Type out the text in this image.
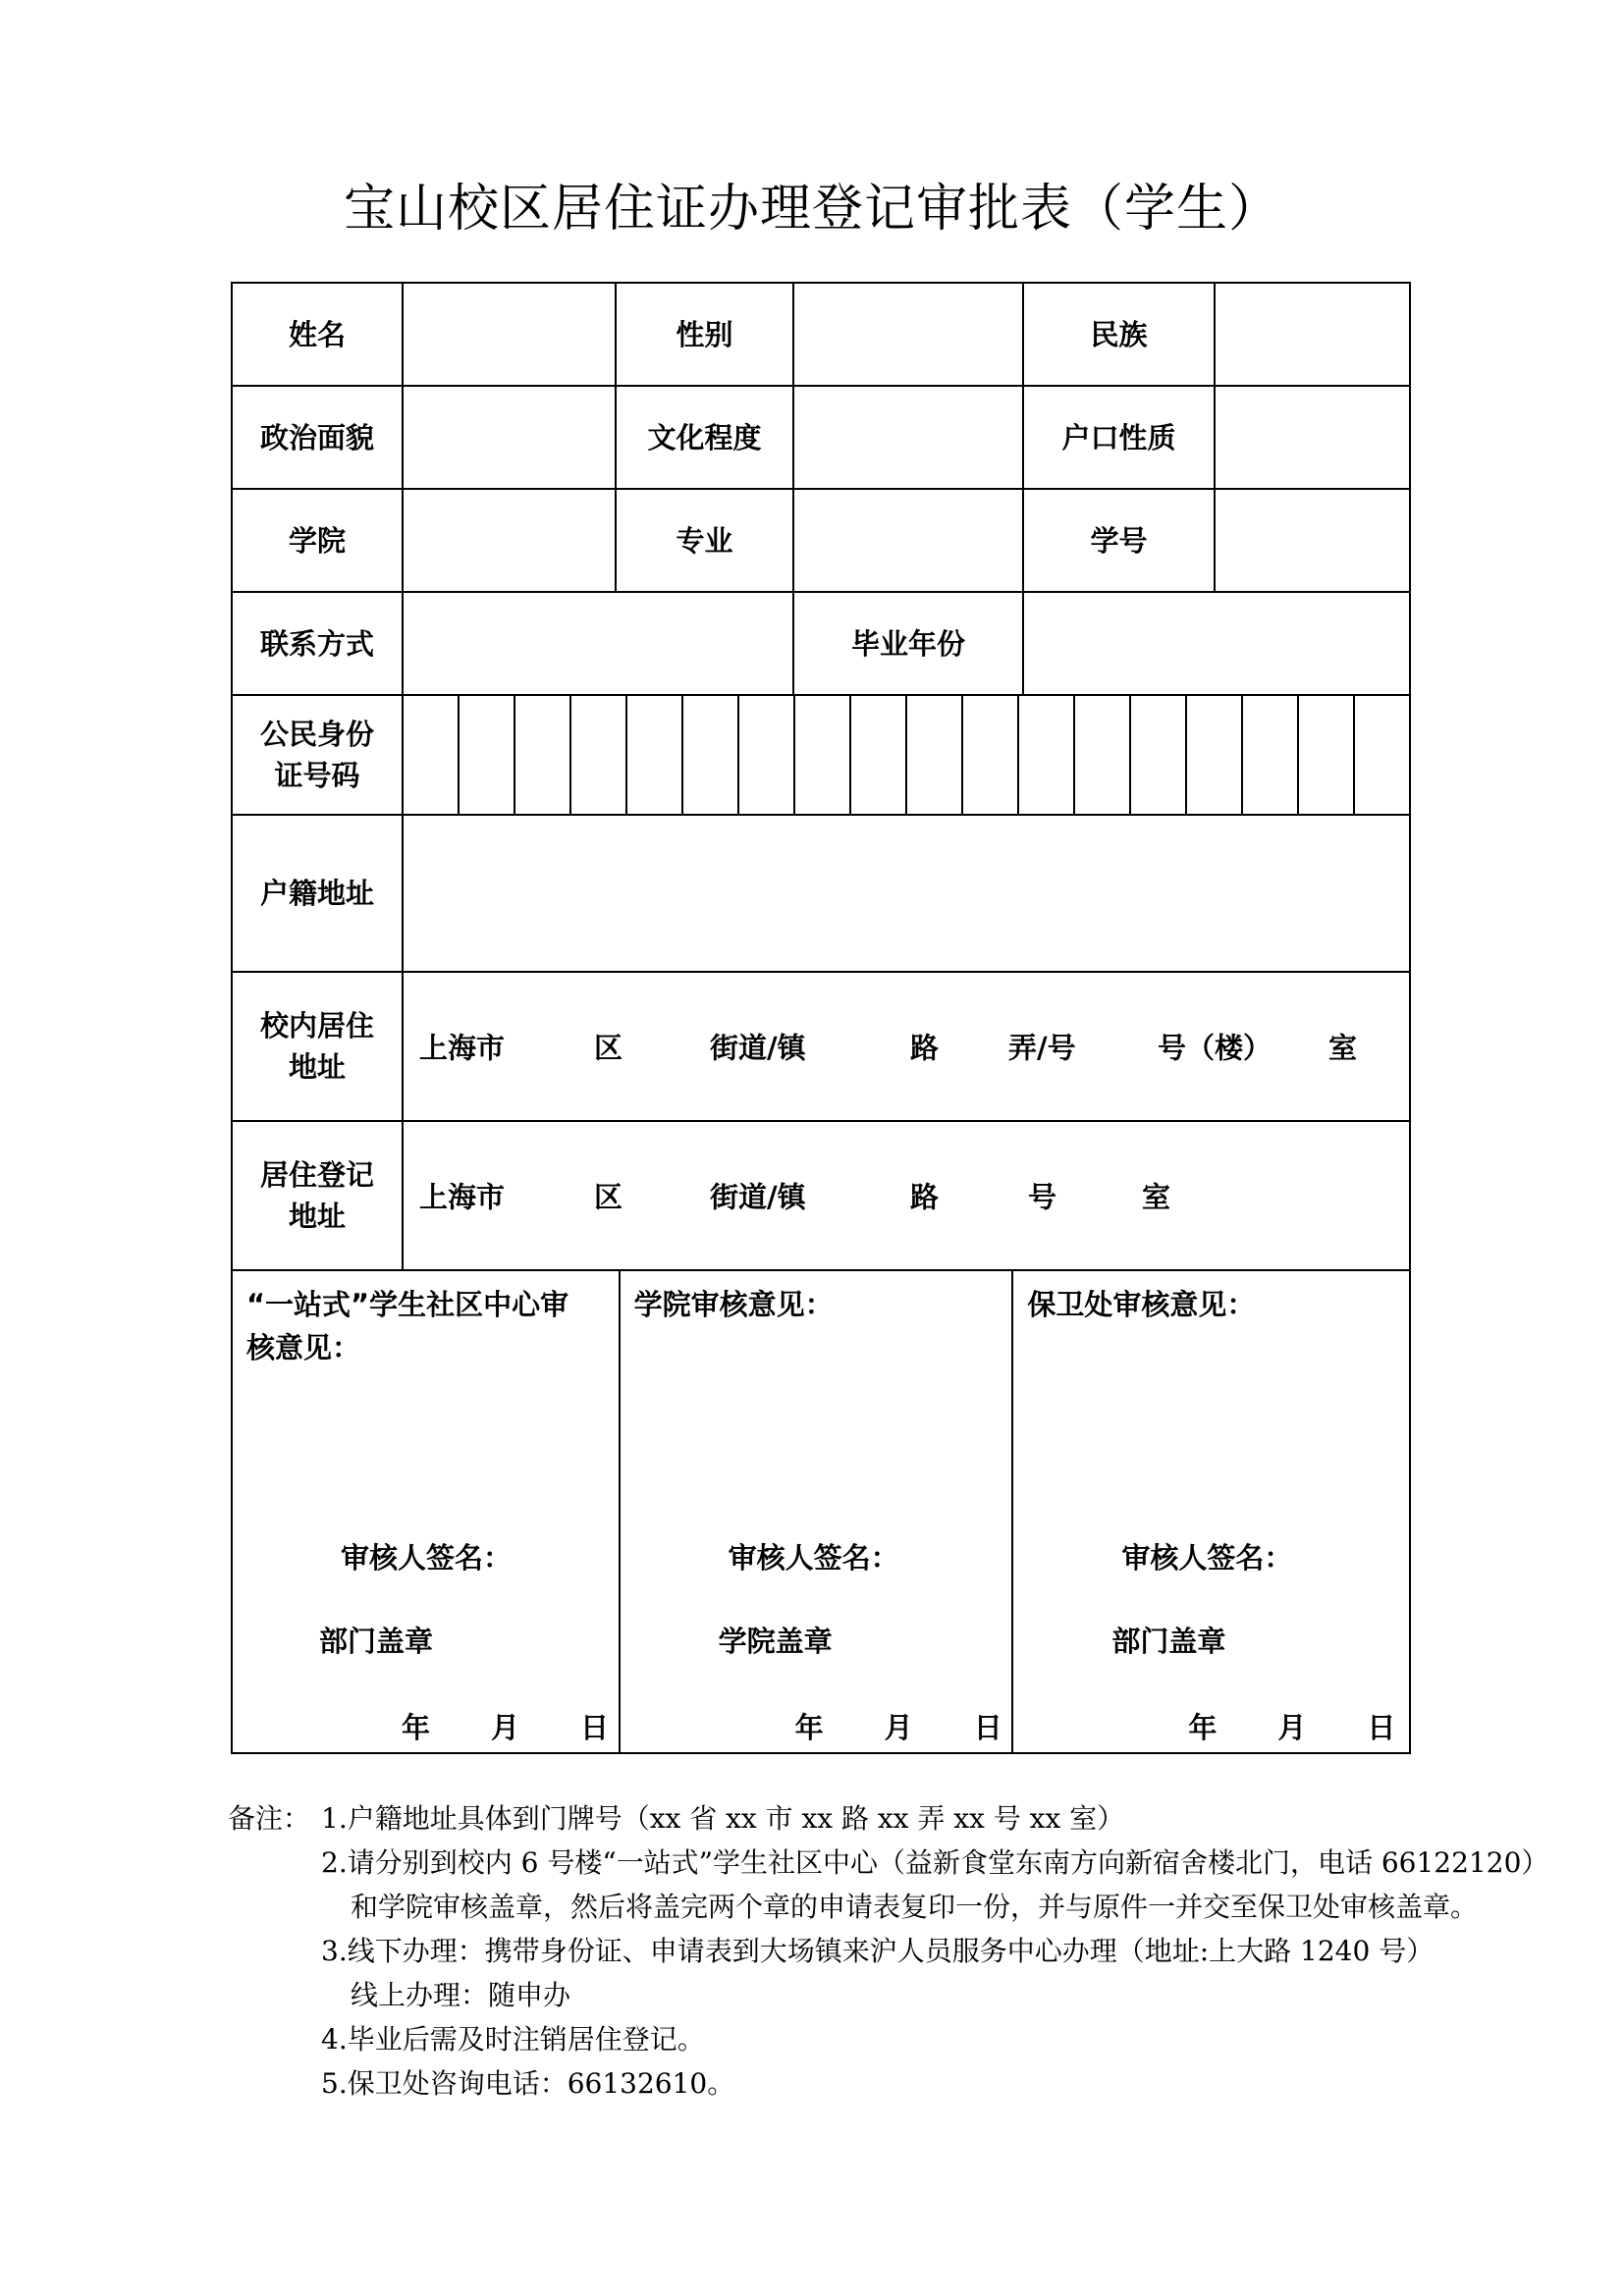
宝山校区居住证办理登记审批表（学生）
姓名		性别		民族	
政治面貌		文化程度		户口性质	
学院		专业		学号	
联系方式		毕业年份	
公民身份证号码	

户籍地址	
校内居住地址	
上海市	区	街道/镇	路 弄/号	号（楼） 室

居住登记地址	
上海市	区	街道/镇	路	号	室

“一站式”学生社区中心审核意见：
审核人签名：
部门盖章
年 月 日

学院审核意见：
审核人签名：
学院盖章
年 月 日

保卫处审核意见：
审核人签名：
部门盖章
年 月 日
备注： 1.户籍地址具体到门牌号（xx 省 xx 市 xx 路 xx 弄 xx 号 xx 室）
2.请分别到校内 6 号楼“一站式”学生社区中心（益新食堂东南方向新宿舍楼北门，电话 66122120）
和学院审核盖章，然后将盖完两个章的申请表复印一份，并与原件一并交至保卫处审核盖章。
3.线下办理：携带身份证、申请表到大场镇来沪人员服务中心办理（地址:上大路 1240 号）
线上办理：随申办
4.毕业后需及时注销居住登记。
5.保卫处咨询电话：66132610。
